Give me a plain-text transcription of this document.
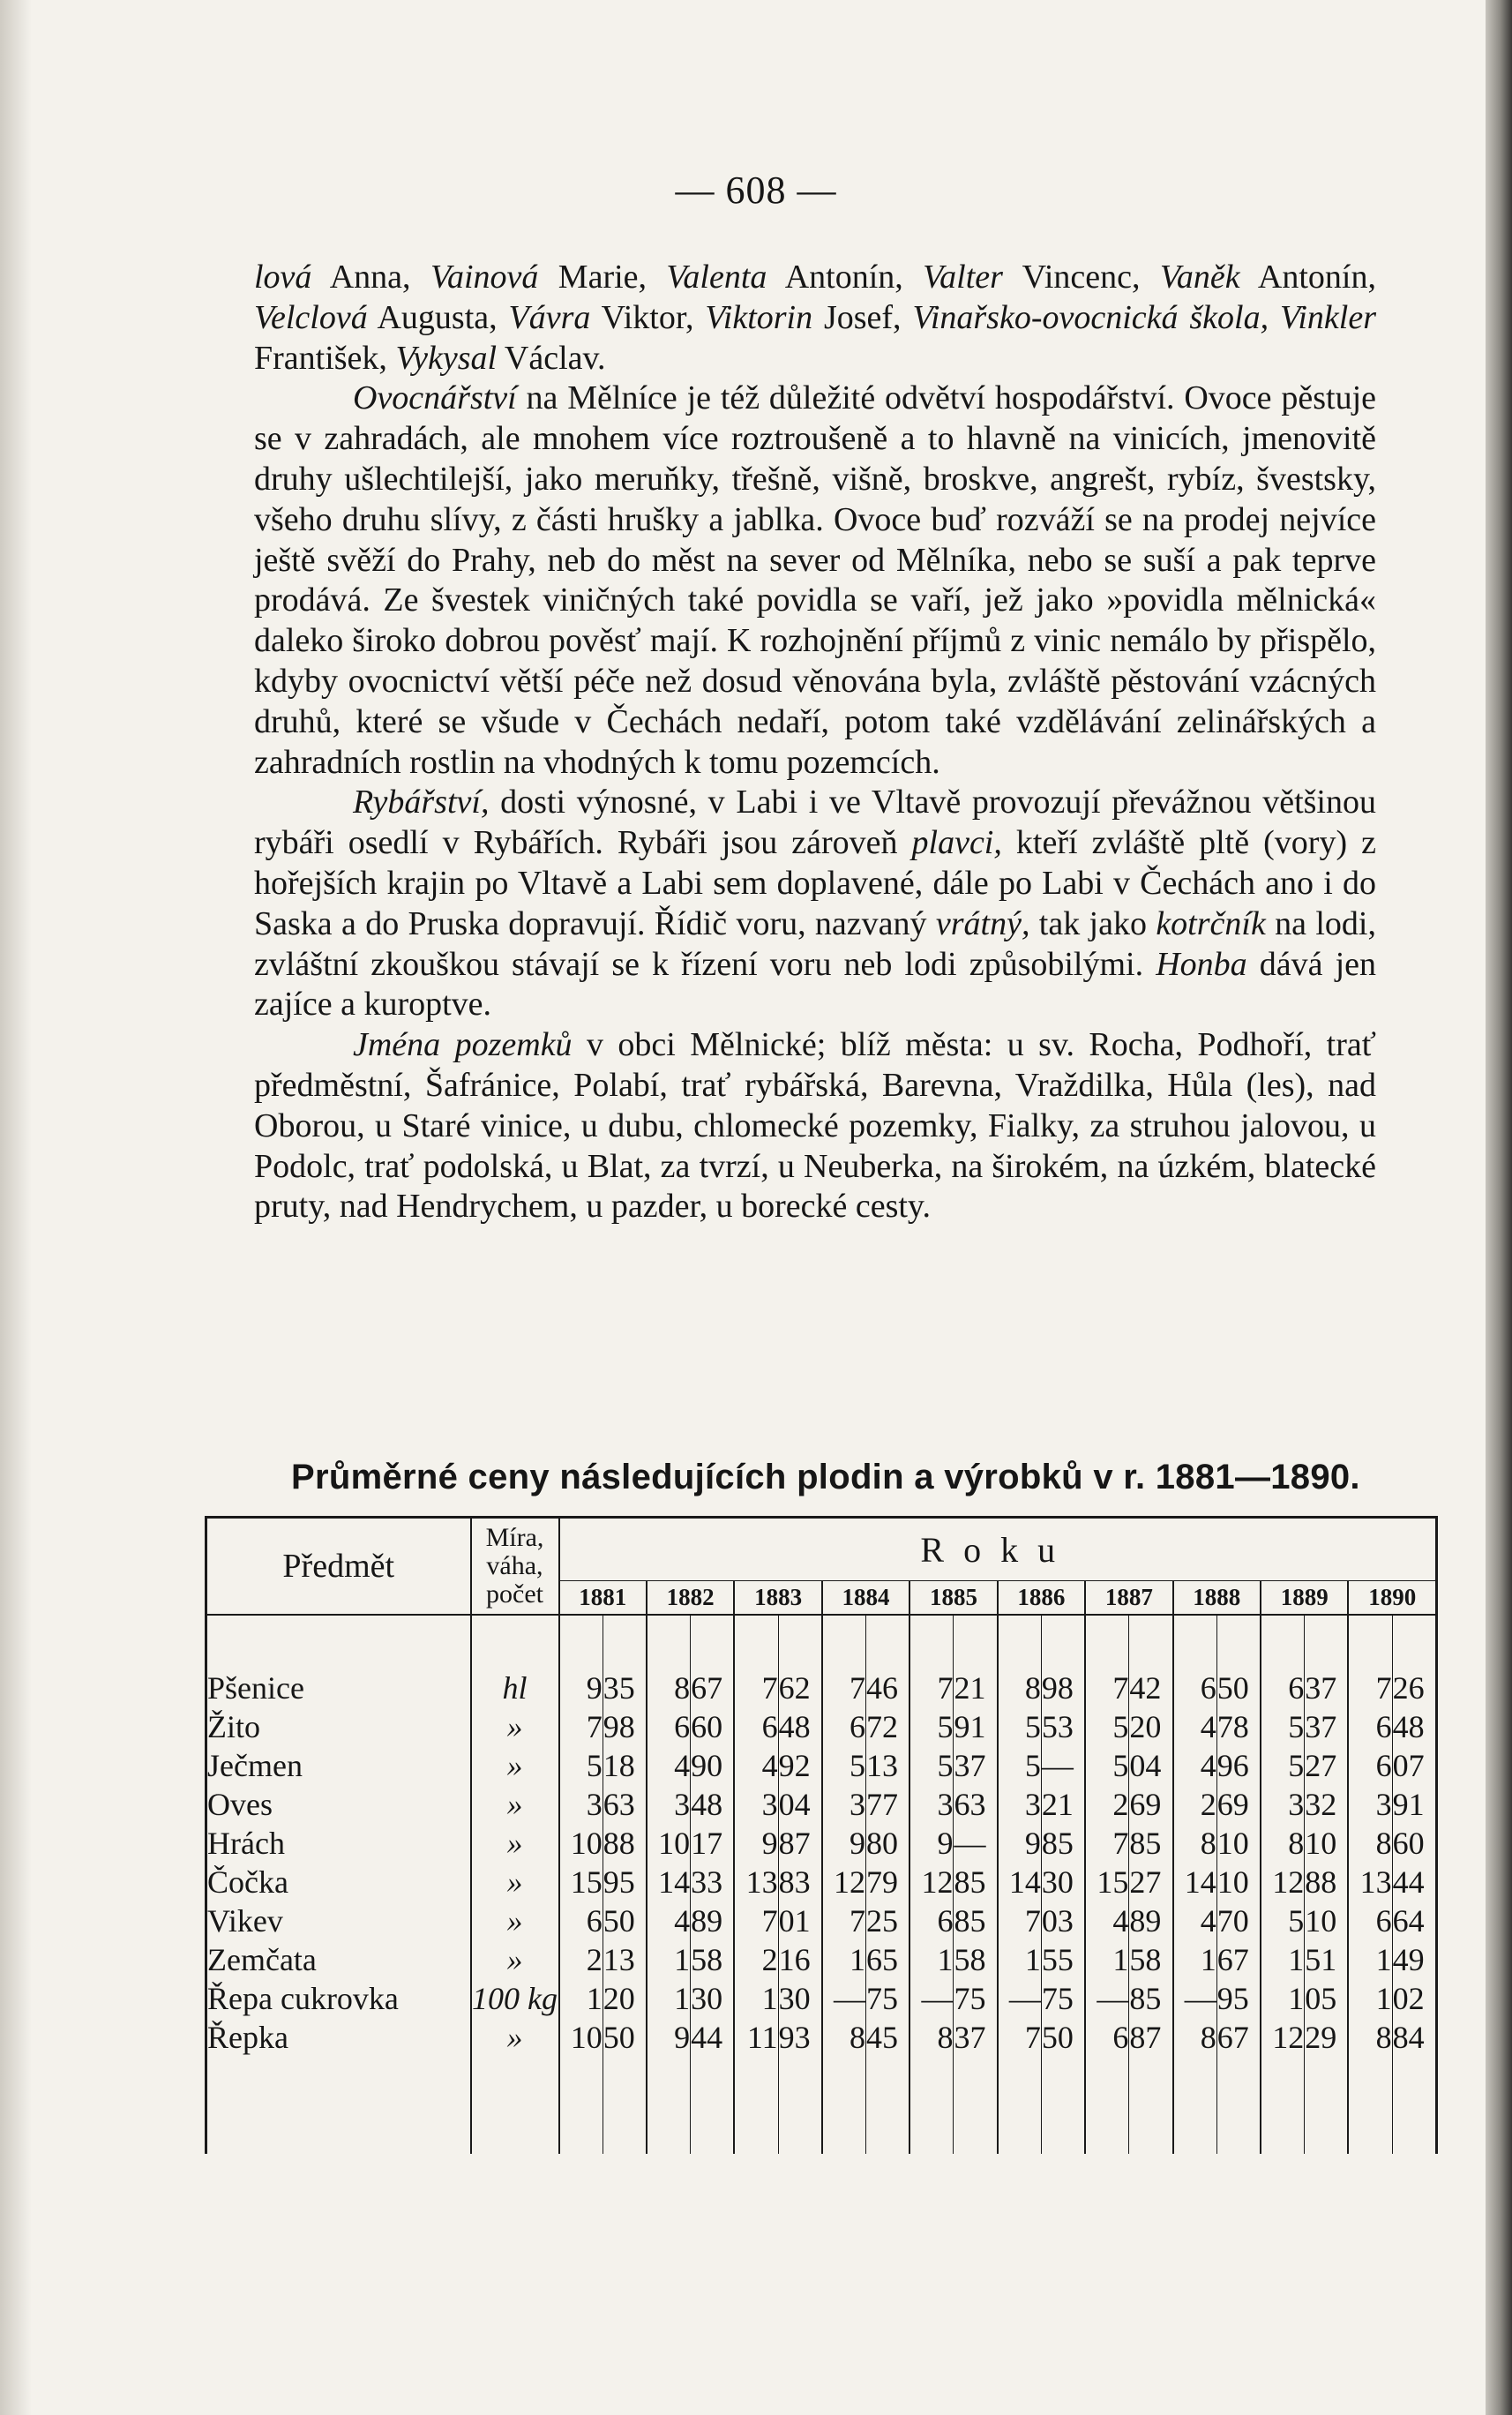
— 608 —

lová Anna, Vainová Marie, Valenta Antonín, Valter Vincenc, Vaněk Antonín, Velclová Augusta, Vávra Viktor, Viktorin Josef, Vinařsko-ovocnická škola, Vinkler František, Vykysal Václav.

Ovocnářství na Mělníce je též důležité odvětví hospodářství. Ovoce pěstuje se v zahradách, ale mnohem více roztroušeně a to hlavně na vinicích, jmenovitě druhy ušlechtilejší, jako meruňky, třešně, višně, broskve, angrešt, rybíz, švestsky, všeho druhu slívy, z části hrušky a jablka. Ovoce buď rozváží se na prodej nejvíce ještě svěží do Prahy, neb do měst na sever od Mělníka, nebo se suší a pak teprve prodává. Ze švestek viničných také povidla se vaří, jež jako »povidla mělnická« daleko široko dobrou pověsť mají. K rozhojnění příjmů z vinic nemálo by přispělo, kdyby ovocnictví větší péče než dosud věnována byla, zvláště pěstování vzácných druhů, které se všude v Čechách nedaří, potom také vzdělávání zelinářských a zahradních rostlin na vhodných k tomu pozemcích.

Rybářství, dosti výnosné, v Labi i ve Vltavě provozují převážnou většinou rybáři osedlí v Rybářích. Rybáři jsou zároveň plavci, kteří zvláště pltě (vory) z hořejších krajin po Vltavě a Labi sem doplavené, dále po Labi v Čechách ano i do Saska a do Pruska dopravují. Řídič voru, nazvaný vrátný, tak jako kotrčník na lodi, zvláštní zkouškou stávají se k řízení voru neb lodi způsobilými. Honba dává jen zajíce a kuroptve.

Jména pozemků v obci Mělnické; blíž města: u sv. Rocha, Podhoří, trať předměstní, Šafránice, Polabí, trať rybářská, Barevna, Vraždilka, Hůla (les), nad Oborou, u Staré vinice, u dubu, chlomecké pozemky, Fialky, za struhou jalovou, u Podolc, trať podolská, u Blat, za tvrzí, u Neuberka, na širokém, na úzkém, blatecké pruty, nad Hendrychem, u pazder, u borecké cesty.

Průměrné ceny následujících plodin a výrobků v r. 1881—1890.
Předmět	Míra,
váha,
počet	Roku																			
		1881		1882		1883		1884		1885		1886		1887		1888		1889		1890	

Pšenice	hl	9	35	8	67	7	62	7	46	7	21	8	98	7	42	6	50	6	37	7	26
Žito	»	7	98	6	60	6	48	6	72	5	91	5	53	5	20	4	78	5	37	6	48
Ječmen	»	5	18	4	90	4	92	5	13	5	37	5	—	5	04	4	96	5	27	6	07
Oves	»	3	63	3	48	3	04	3	77	3	63	3	21	2	69	2	69	3	32	3	91
Hrách	»	10	88	10	17	9	87	9	80	9	—	9	85	7	85	8	10	8	10	8	60
Čočka	»	15	95	14	33	13	83	12	79	12	85	14	30	15	27	14	10	12	88	13	44
Vikev	»	6	50	4	89	7	01	7	25	6	85	7	03	4	89	4	70	5	10	6	64
Zemčata	»	2	13	1	58	2	16	1	65	1	58	1	55	1	58	1	67	1	51	1	49
Řepa cukrovka	100 kg	1	20	1	30	1	30	—	75	—	75	—	75	—	85	—	95	1	05	1	02
Řepka	»	10	50	9	44	11	93	8	45	8	37	7	50	6	87	8	67	12	29	8	84
